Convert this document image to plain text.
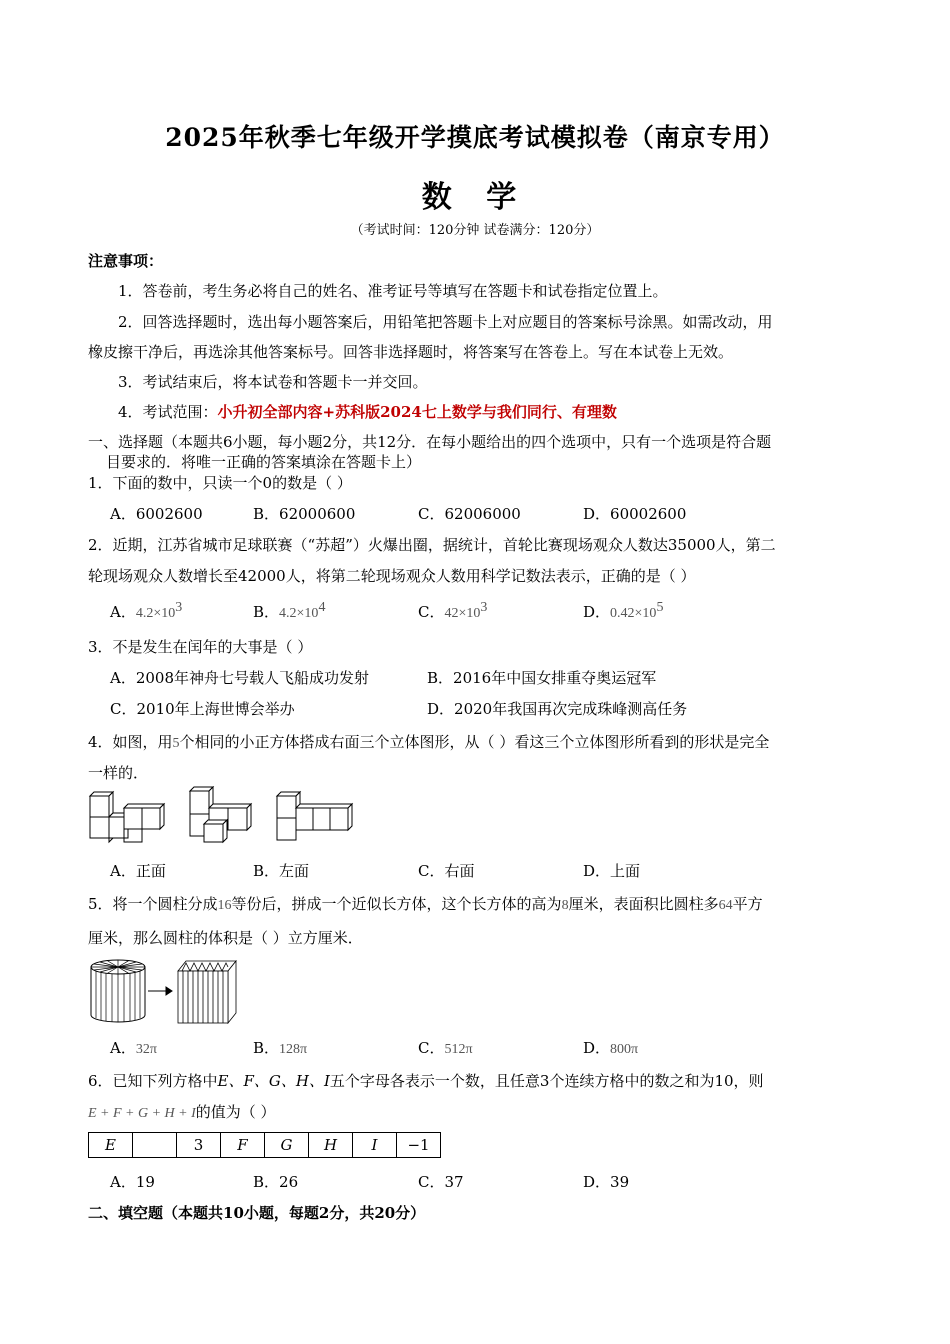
2025年秋季七年级开学摸底考试模拟卷（南京专用）
数 学
（考试时间：120分钟 试卷满分：120分）
注意事项：
1．答卷前，考生务必将自己的姓名、准考证号等填写在答题卡和试卷指定位置上。
2．回答选择题时，选出每小题答案后，用铅笔把答题卡上对应题目的答案标号涂黑。如需改动，用
橡皮擦干净后，再选涂其他答案标号。回答非选择题时，将答案写在答卷上。写在本试卷上无效。
3．考试结束后，将本试卷和答题卡一并交回。
4．考试范围：小升初全部内容+苏科版2024七上数学与我们同行、有理数
一、选择题（本题共6小题，每小题2分，共12分．在每小题给出的四个选项中，只有一个选项是符合题
目要求的．将唯一正确的答案填涂在答题卡上）
1．下面的数中，只读一个0的数是（ ）
A．6002600	B．62000600	C．62006000	D．60002600
2．近期，江苏省城市足球联赛（“苏超”）火爆出圈，据统计，首轮比赛现场观众人数达35000人，第二
轮现场观众人数增长至42000人，将第二轮现场观众人数用科学记数法表示，正确的是（ ）
A．$4.2\times 10^3$	B．$4.2\times 10^4$	C．$42\times 10^3$	D．$0.42\times 10^5$
3．不是发生在闰年的大事是（ ）
A．2008年神舟七号载人飞船成功发射	B．2016年中国女排重夺奥运冠军
C．2010年上海世博会举办	D．2020年我国再次完成珠峰测高任务
4．如图，用5个相同的小正方体搭成右面三个立体图形，从（ ）看这三个立体图形所看到的形状是完全
一样的．
A．正面	B．左面	C．右面	D．上面
5．将一个圆柱分成16等份后，拼成一个近似长方体，这个长方体的高为8厘米，表面积比圆柱多64平方
厘米，那么圆柱的体积是（ ）立方厘米．
A．32π	B．128π	C．512π	D．800π
6．已知下列方格中E、F、G、H、I五个字母各表示一个数，且任意3个连续方格中的数之和为10，则
E + F + G + H + I的值为（ ）
E		3	F	G	H	I	−1
A．19	B．26	C．37	D．39
二、填空题（本题共10小题，每题2分，共20分）
